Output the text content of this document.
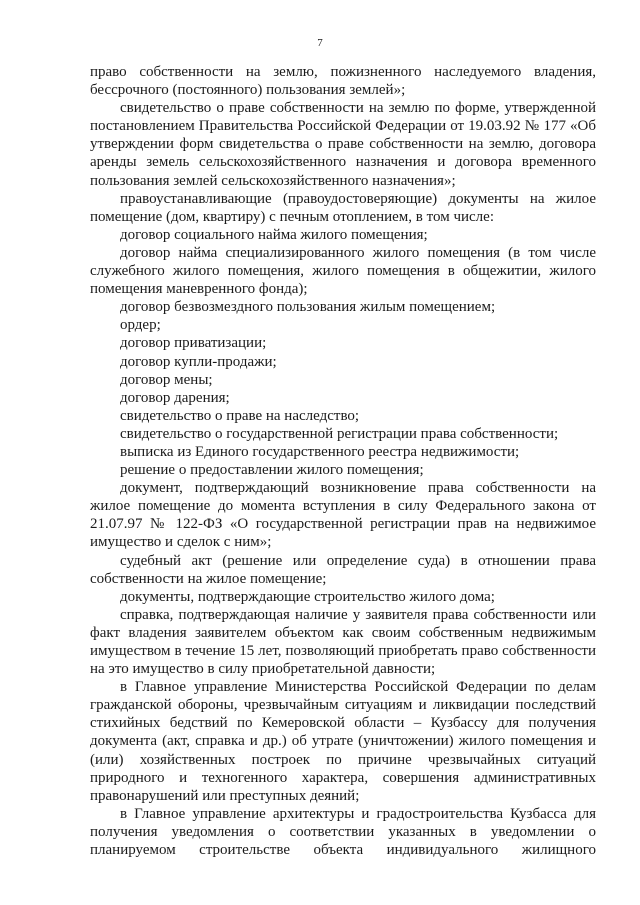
7

право собственности на землю, пожизненного наследуемого владения, бессрочного (постоянного) пользования землей»;

свидетельство о праве собственности на землю по форме, утвержденной постановлением Правительства Российской Федерации от 19.03.92 № 177 «Об утверждении форм свидетельства о праве собственности на землю, договора аренды земель сельскохозяйственного назначения и договора временного пользования землей сельскохозяйственного назначения»;

правоустанавливающие (правоудостоверяющие) документы на жилое помещение (дом, квартиру) с печным отоплением, в том числе:

договор социального найма жилого помещения;

договор найма специализированного жилого помещения (в том числе служебного жилого помещения, жилого помещения в общежитии, жилого помещения маневренного фонда);

договор безвозмездного пользования жилым помещением;

ордер;

договор приватизации;

договор купли-продажи;

договор мены;

договор дарения;

свидетельство о праве на наследство;

свидетельство о государственной регистрации права собственности;

выписка из Единого государственного реестра недвижимости;

решение о предоставлении жилого помещения;

документ, подтверждающий возникновение права собственности на жилое помещение до момента вступления в силу Федерального закона от 21.07.97 № 122-ФЗ «О государственной регистрации прав на недвижимое имущество и сделок с ним»;

судебный акт (решение или определение суда) в отношении права собственности на жилое помещение;

документы, подтверждающие строительство жилого дома;

справка, подтверждающая наличие у заявителя права собственности или факт владения заявителем объектом как своим собственным недвижимым имуществом в течение 15 лет, позволяющий приобретать право собственности на это имущество в силу приобретательной давности;

в Главное управление Министерства Российской Федерации по делам гражданской обороны, чрезвычайным ситуациям и ликвидации последствий стихийных бедствий по Кемеровской области – Кузбассу для получения документа (акт, справка и др.) об утрате (уничтожении) жилого помещения и (или) хозяйственных построек по причине чрезвычайных ситуаций природного и техногенного характера, совершения административных правонарушений или преступных деяний;

в Главное управление архитектуры и градостроительства Кузбасса для получения уведомления о соответствии указанных в уведомлении о планируемом строительстве объекта индивидуального жилищного
